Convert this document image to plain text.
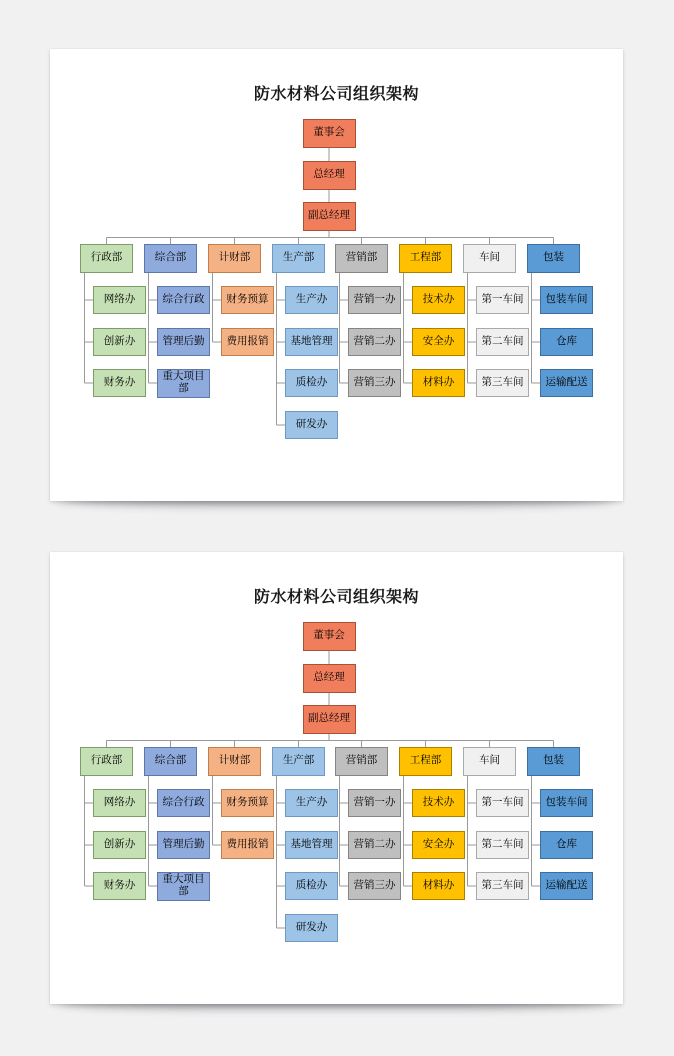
防水材料公司组织架构
董事会
总经理
副总经理
行政部
网络办
创新办
财务办
综合部
综合行政
管理后勤
重大项目部
计财部
财务预算
费用报销
生产部
生产办
基地管理
质检办
研发办
营销部
营销一办
营销二办
营销三办
工程部
技术办
安全办
材料办
车间
第一车间
第二车间
第三车间
包装
包装车间
仓库
运输配送
防水材料公司组织架构
董事会
总经理
副总经理
行政部
网络办
创新办
财务办
综合部
综合行政
管理后勤
重大项目部
计财部
财务预算
费用报销
生产部
生产办
基地管理
质检办
研发办
营销部
营销一办
营销二办
营销三办
工程部
技术办
安全办
材料办
车间
第一车间
第二车间
第三车间
包装
包装车间
仓库
运输配送
